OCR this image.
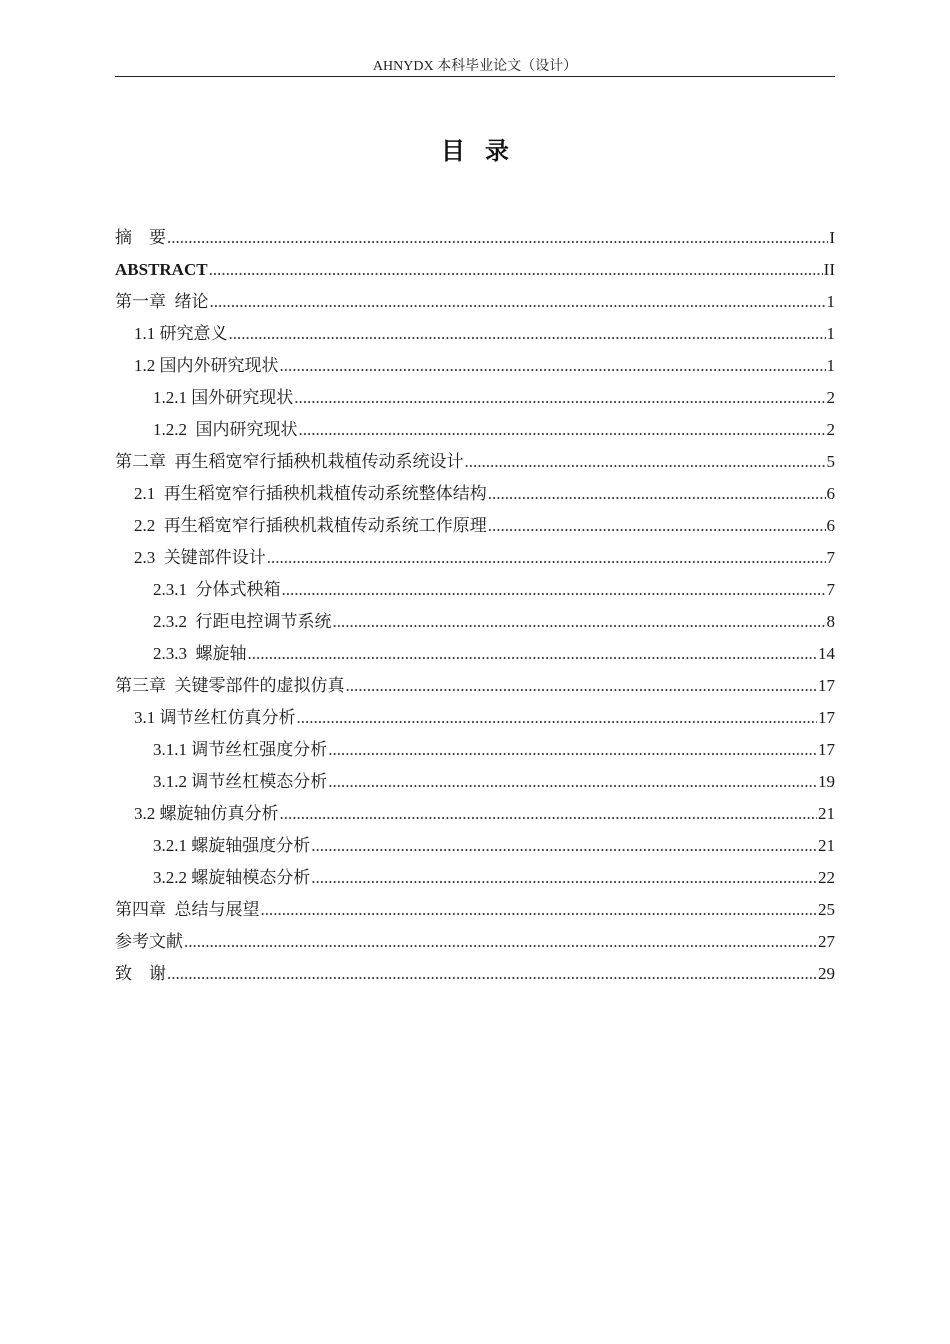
AHNYDX 本科毕业论文（设计）
目录
摘    要 .....	I
ABSTRACT .....	II
第一章  绪论 .....	1
1.1 研究意义 .....	1
1.2 国内外研究现状 .....	1
1.2.1 国外研究现状 .....	2
1.2.2  国内研究现状 .....	2
第二章  再生稻宽窄行插秧机栽植传动系统设计 .....	5
2.1  再生稻宽窄行插秧机栽植传动系统整体结构 .....	6
2.2  再生稻宽窄行插秧机栽植传动系统工作原理 .....	6
2.3  关键部件设计 .....	7
2.3.1  分体式秧箱 .....	7
2.3.2  行距电控调节系统 .....	8
2.3.3  螺旋轴 .....	14
第三章  关键零部件的虚拟仿真 .....	17
3.1 调节丝杠仿真分析 .....	17
3.1.1 调节丝杠强度分析 .....	17
3.1.2 调节丝杠模态分析 .....	19
3.2 螺旋轴仿真分析 .....	21
3.2.1 螺旋轴强度分析 .....	21
3.2.2 螺旋轴模态分析 .....	22
第四章  总结与展望 .....	25
参考文献 .....	27
致    谢 .....	29
